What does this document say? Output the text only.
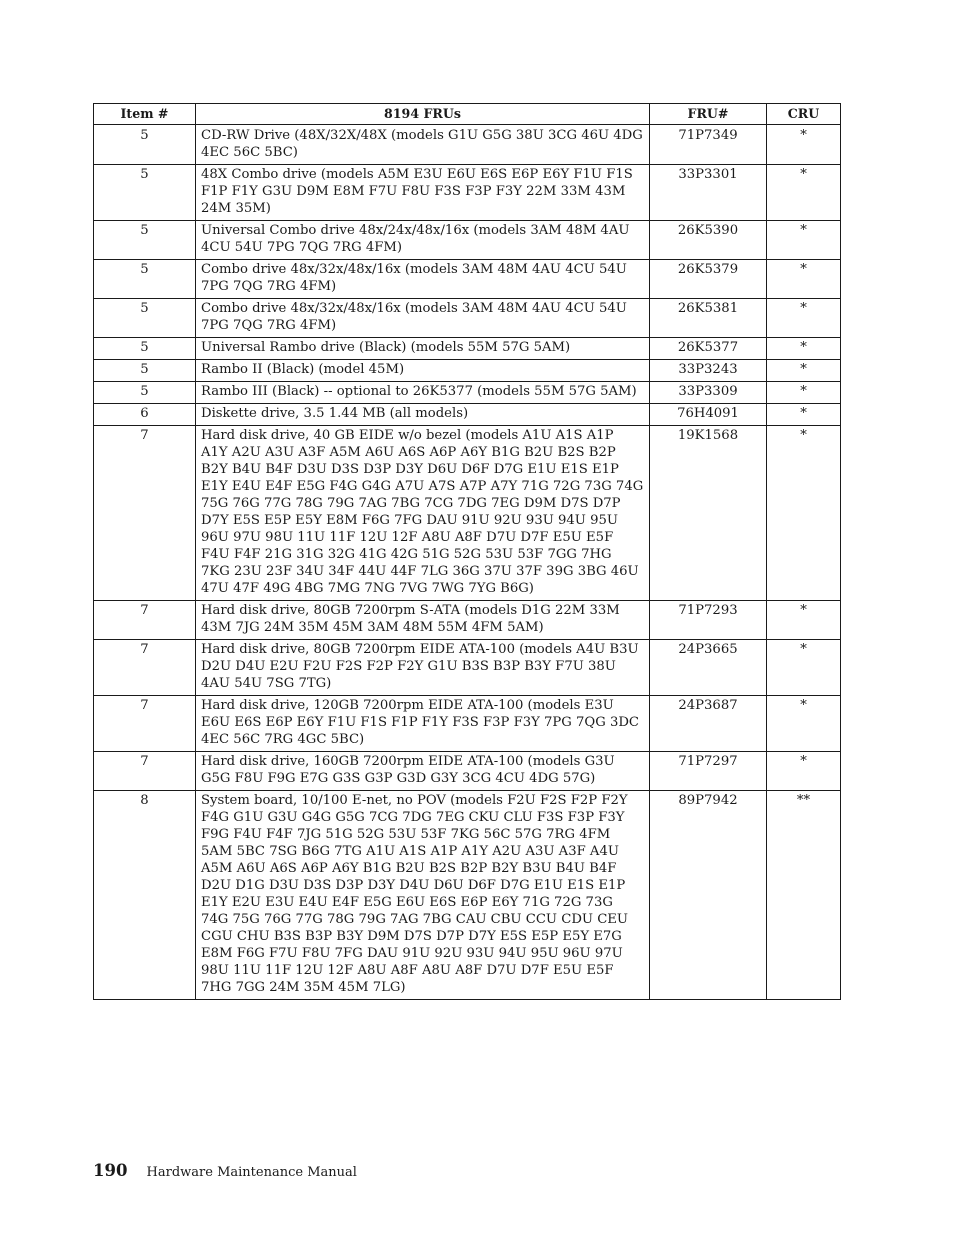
Item #	8194 FRUs	FRU#	CRU
5	CD-RW Drive (48X/32X/48X (models G1U G5G 38U 3CG 46U 4DG 4EC 56C 5BC)	71P7349	*
5	48X Combo drive (models A5M E3U E6U E6S E6P E6Y F1U F1S F1P F1Y G3U D9M E8M F7U F8U F3S F3P F3Y 22M 33M 43M 24M 35M)	33P3301	*
5	Universal Combo drive 48x/24x/48x/16x (models 3AM 48M 4AU 4CU 54U 7PG 7QG 7RG 4FM)	26K5390	*
5	Combo drive 48x/32x/48x/16x (models 3AM 48M 4AU 4CU 54U 7PG 7QG 7RG 4FM)	26K5379	*
5	Combo drive 48x/32x/48x/16x (models 3AM 48M 4AU 4CU 54U 7PG 7QG 7RG 4FM)	26K5381	*
5	Universal Rambo drive (Black) (models 55M 57G 5AM)	26K5377	*
5	Rambo II (Black) (model 45M)	33P3243	*
5	Rambo III (Black) -- optional to 26K5377 (models 55M 57G 5AM)	33P3309	*
6	Diskette drive, 3.5 1.44 MB (all models)	76H4091	*
7	Hard disk drive, 40 GB EIDE w/o bezel (models A1U A1S A1P A1Y A2U A3U A3F A5M A6U A6S A6P A6Y B1G B2U B2S B2P B2Y B4U B4F D3U D3S D3P D3Y D6U D6F D7G E1U E1S E1P E1Y E4U E4F E5G F4G G4G A7U A7S A7P A7Y 71G 72G 73G 74G 75G 76G 77G 78G 79G 7AG 7BG 7CG 7DG 7EG D9M D7S D7P D7Y E5S E5P E5Y E8M F6G 7FG DAU 91U 92U 93U 94U 95U 96U 97U 98U 11U 11F 12U 12F A8U A8F D7U D7F E5U E5F F4U F4F 21G 31G 32G 41G 42G 51G 52G 53U 53F 7GG 7HG 7KG 23U 23F 34U 34F 44U 44F 7LG 36G 37U 37F 39G 3BG 46U 47U 47F 49G 4BG 7MG 7NG 7VG 7WG 7YG B6G)	19K1568	*
7	Hard disk drive, 80GB 7200rpm S-ATA (models D1G 22M 33M 43M 7JG 24M 35M 45M 3AM 48M 55M 4FM 5AM)	71P7293	*
7	Hard disk drive, 80GB 7200rpm EIDE ATA-100 (models A4U B3U D2U D4U E2U F2U F2S F2P F2Y G1U B3S B3P B3Y F7U 38U 4AU 54U 7SG 7TG)	24P3665	*
7	Hard disk drive, 120GB 7200rpm EIDE ATA-100 (models E3U E6U E6S E6P E6Y F1U F1S F1P F1Y F3S F3P F3Y 7PG 7QG 3DC 4EC 56C 7RG 4GC 5BC)	24P3687	*
7	Hard disk drive, 160GB 7200rpm EIDE ATA-100 (models G3U G5G F8U F9G E7G G3S G3P G3D G3Y 3CG 4CU 4DG 57G)	71P7297	*
8	System board, 10/100 E-net, no POV (models F2U F2S F2P F2Y F4G G1U G3U G4G G5G 7CG 7DG 7EG CKU CLU F3S F3P F3Y F9G F4U F4F 7JG 51G 52G 53U 53F 7KG 56C 57G 7RG 4FM 5AM 5BC 7SG B6G 7TG A1U A1S A1P A1Y A2U A3U A3F A4U A5M A6U A6S A6P A6Y B1G B2U B2S B2P B2Y B3U B4U B4F D2U D1G D3U D3S D3P D3Y D4U D6U D6F D7G E1U E1S E1P E1Y E2U E3U E4U E4F E5G E6U E6S E6P E6Y 71G 72G 73G 74G 75G 76G 77G 78G 79G 7AG 7BG CAU CBU CCU CDU CEU CGU CHU B3S B3P B3Y D9M D7S D7P D7Y E5S E5P E5Y E7G E8M F6G F7U F8U 7FG DAU 91U 92U 93U 94U 95U 96U 97U 98U 11U 11F 12U 12F A8U A8F A8U A8F D7U D7F E5U E5F 7HG 7GG 24M 35M 45M 7LG)	89P7942	**
190 Hardware Maintenance Manual
